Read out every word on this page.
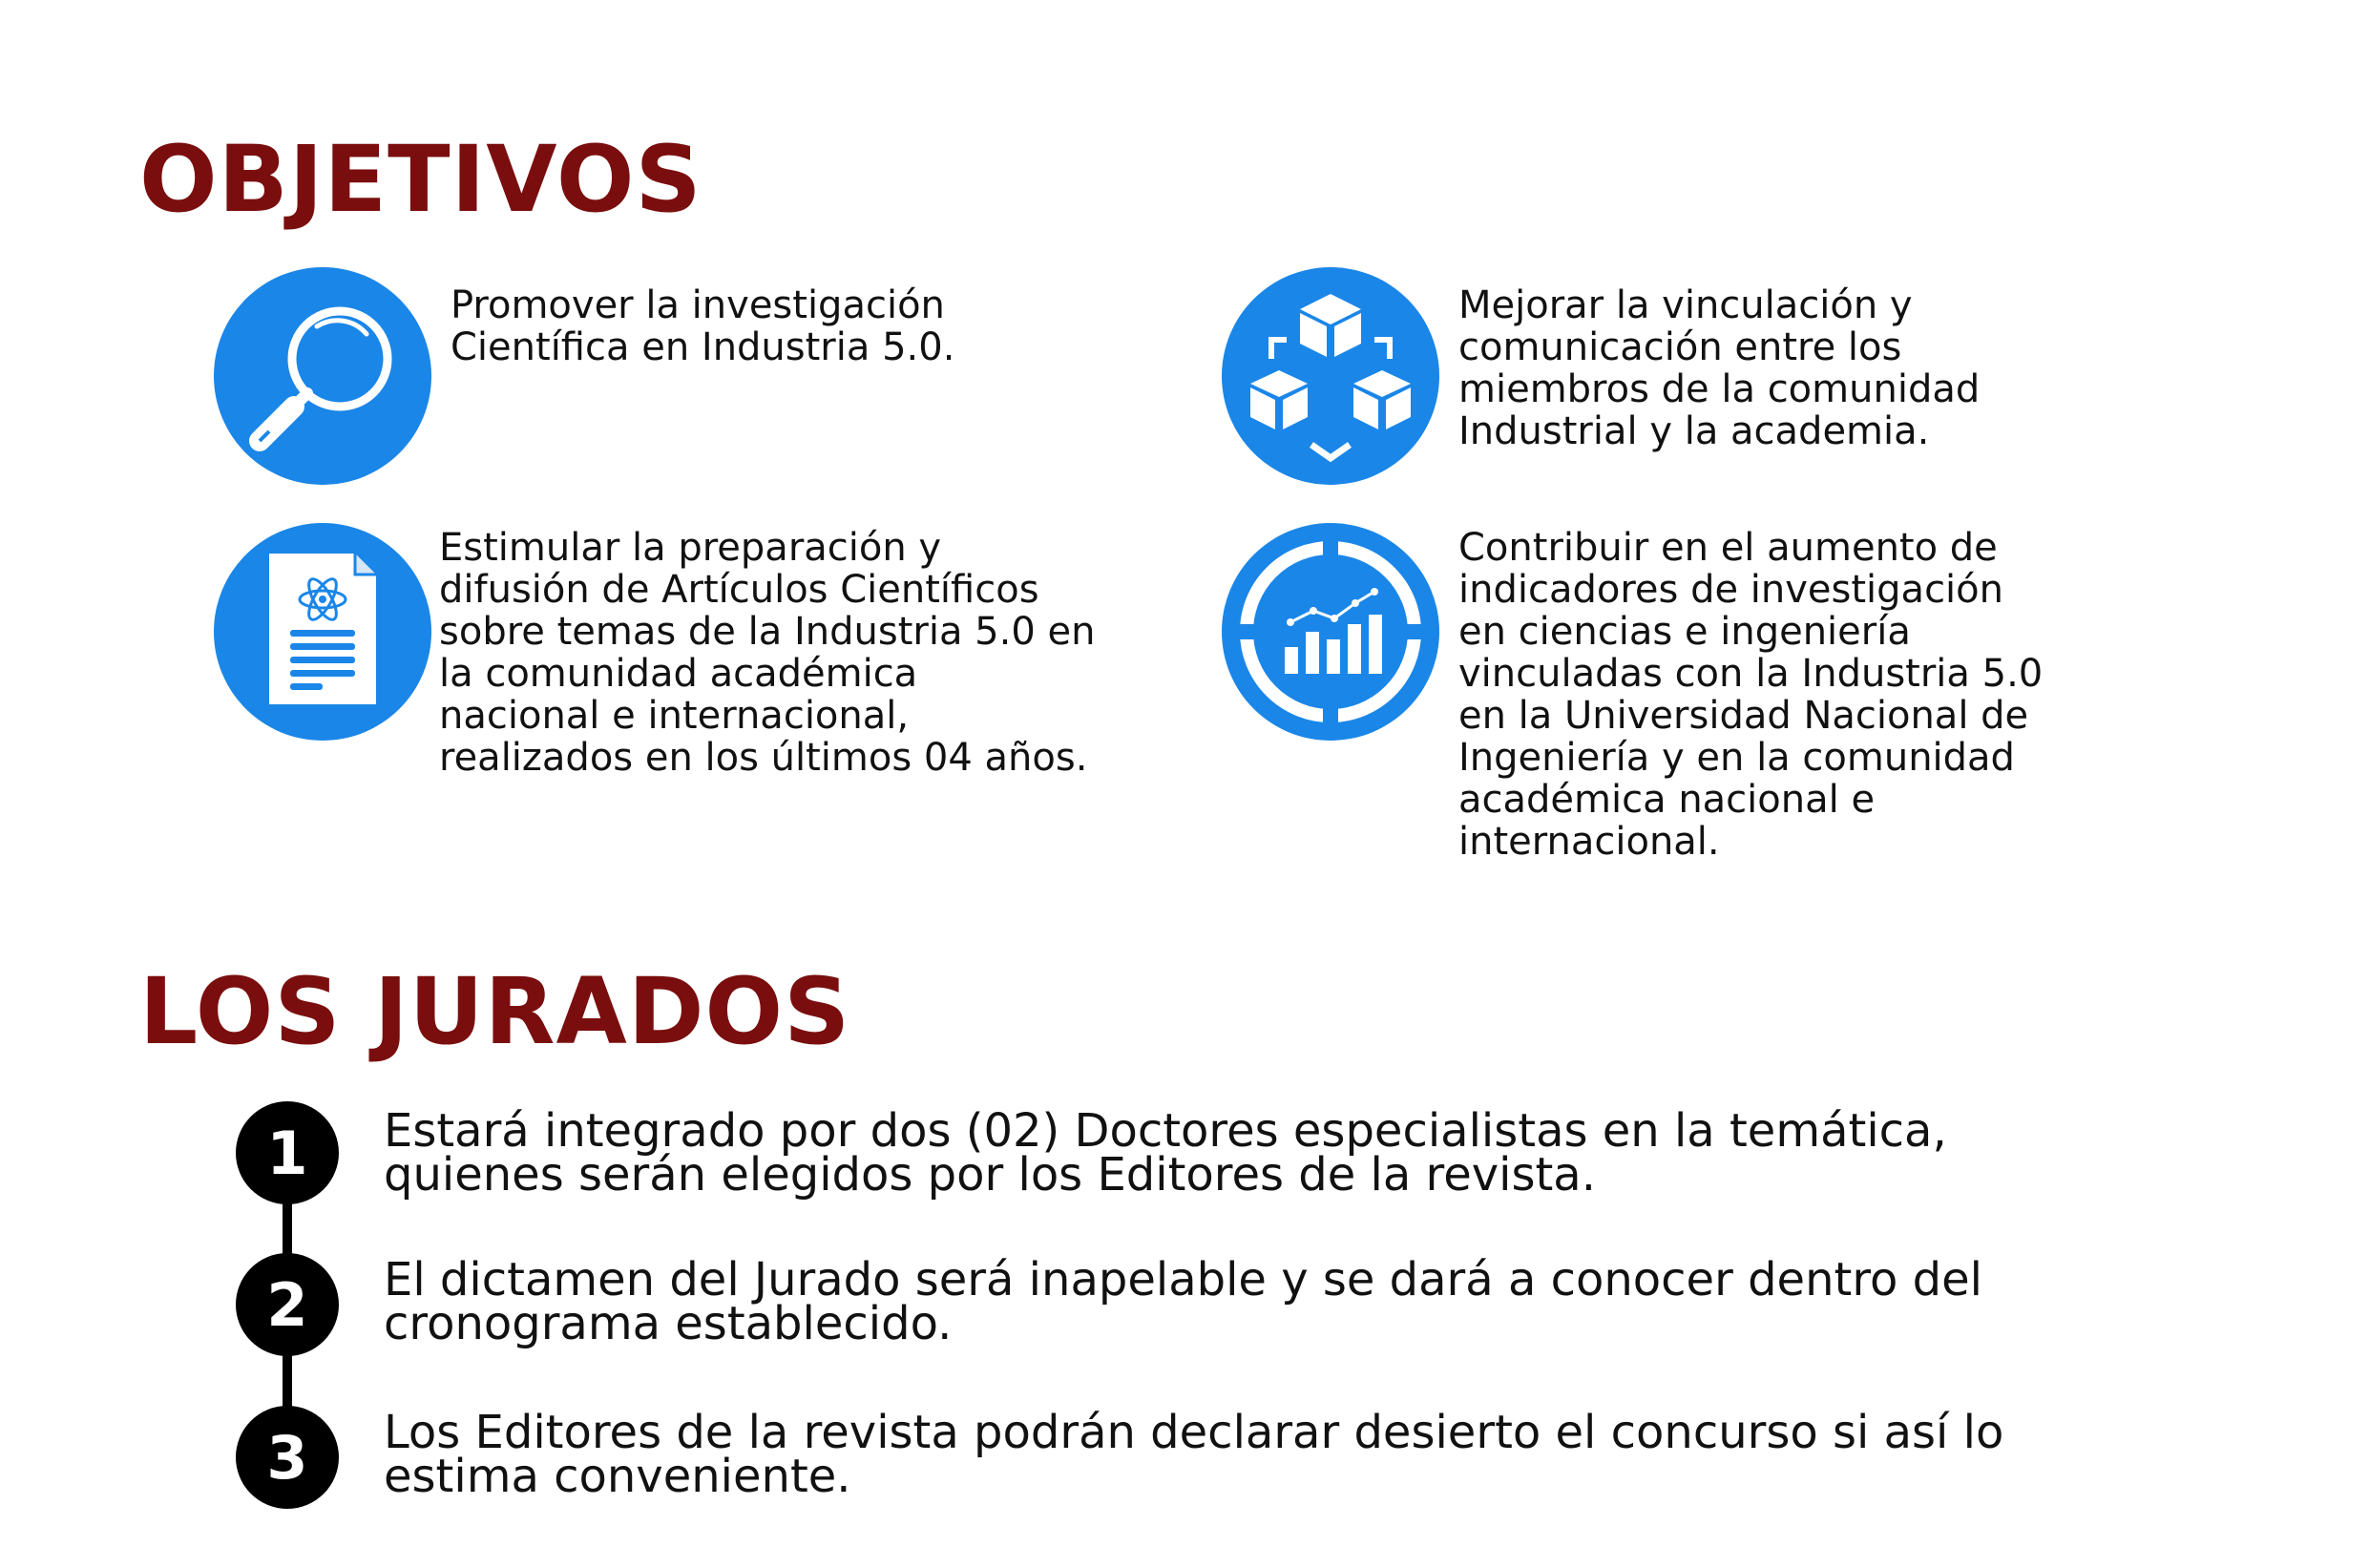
OBJETIVOS

Promover la investigación
Científica en Industria 5.0.

Mejorar la vinculación y
comunicación entre los
miembros de la comunidad
Industrial y la academia.

Estimular la preparación y
difusión de Artículos Científicos
sobre temas de la Industria 5.0 en
la comunidad académica
nacional e internacional,
realizados en los últimos 04 años.

Contribuir en el aumento de
indicadores de investigación
en ciencias e ingeniería
vinculadas con la Industria 5.0
en la Universidad Nacional de
Ingeniería y en la comunidad
académica nacional e
internacional.

LOS JURADOS
1	Estará integrado por dos (02) Doctores especialistas en la temática,
quienes serán elegidos por los Editores de la revista.

2	El dictamen del Jurado será inapelable y se dará a conocer dentro del
cronograma establecido.

3	Los Editores de la revista podrán declarar desierto el concurso si así lo
estima conveniente.
